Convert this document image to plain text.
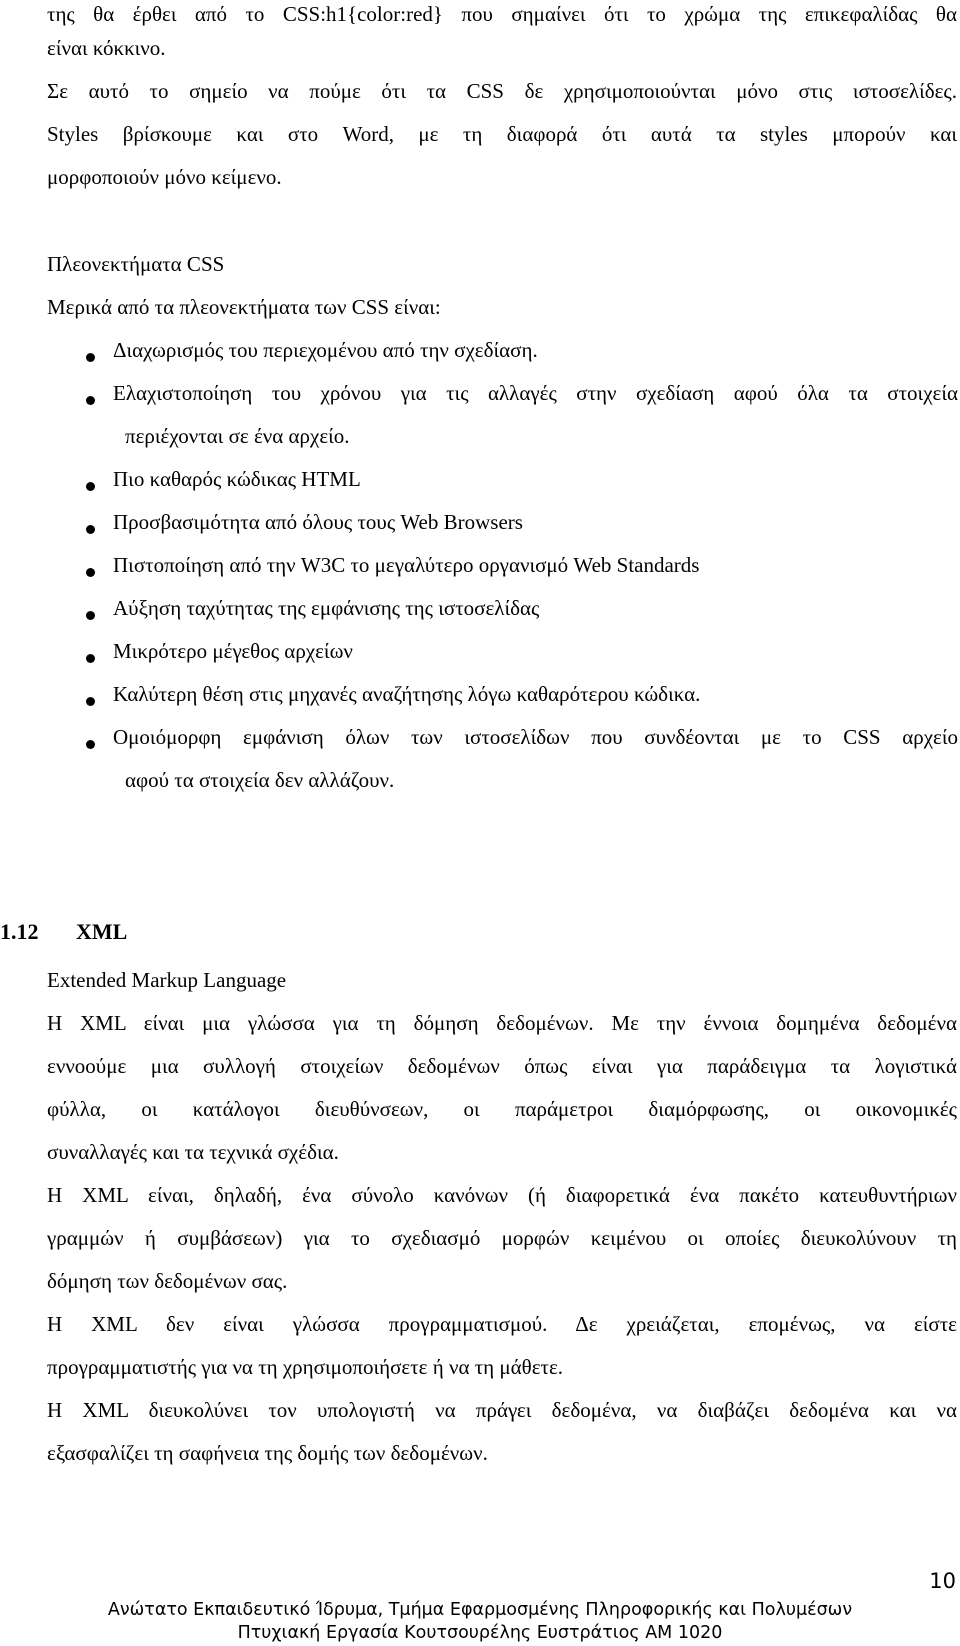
της θα έρθει από το CSS:h1{color:red} που σημαίνει ότι το χρώμα της επικεφαλίδας θα

είναι κόκκινο.

Σε αυτό το σημείο να πούμε ότι τα CSS δε χρησιμοποιούνται μόνο στις ιστοσελίδες.

Styles βρίσκουμε και στο Word, με τη διαφορά ότι αυτά τα styles μπορούν και

μορφοποιούν μόνο κείμενο.

Πλεονεκτήματα CSS

Μερικά από τα πλεονεκτήματα των CSS είναι:

Διαχωρισμός του περιεχομένου από την σχεδίαση.

Ελαχιστοποίηση του χρόνου για τις αλλαγές στην σχεδίαση αφού όλα τα στοιχεία

περιέχονται σε ένα αρχείο.

Πιο καθαρός κώδικας HTML

Προσβασιμότητα από όλους τους Web Browsers

Πιστοποίηση από την W3C το μεγαλύτερο οργανισμό Web Standards

Αύξηση ταχύτητας της εμφάνισης της ιστοσελίδας

Μικρότερο μέγεθος αρχείων

Καλύτερη θέση στις μηχανές αναζήτησης λόγω καθαρότερου κώδικα.

Ομοιόμορφη εμφάνιση όλων των ιστοσελίδων που συνδέονται με το CSS αρχείο

αφού τα στοιχεία δεν αλλάζουν.

1.12 XML

Extended Markup Language

Η XML είναι μια γλώσσα για τη δόμηση δεδομένων. Με την έννοια δομημένα δεδομένα

εννοούμε μια συλλογή στοιχείων δεδομένων όπως είναι για παράδειγμα τα λογιστικά

φύλλα, οι κατάλογοι διευθύνσεων, οι παράμετροι διαμόρφωσης, οι οικονομικές

συναλλαγές και τα τεχνικά σχέδια.

Η XML είναι, δηλαδή, ένα σύνολο κανόνων (ή διαφορετικά ένα πακέτο κατευθυντήριων

γραμμών ή συμβάσεων) για το σχεδιασμό μορφών κειμένου οι οποίες διευκολύνουν τη

δόμηση των δεδομένων σας.

Η XML δεν είναι γλώσσα προγραμματισμού. Δε χρειάζεται, επομένως, να είστε

προγραμματιστής για να τη χρησιμοποιήσετε ή να τη μάθετε.

Η XML διευκολύνει τον υπολογιστή να πράγει δεδομένα, να διαβάζει δεδομένα και να

εξασφαλίζει τη σαφήνεια της δομής των δεδομένων.

10
Ανώτατο Εκπαιδευτικό Ίδρυμα, Τμήμα Εφαρμοσμένης Πληροφορικής και Πολυμέσων
Πτυχιακή Εργασία Κουτσουρέλης Ευστράτιος ΑΜ 1020
